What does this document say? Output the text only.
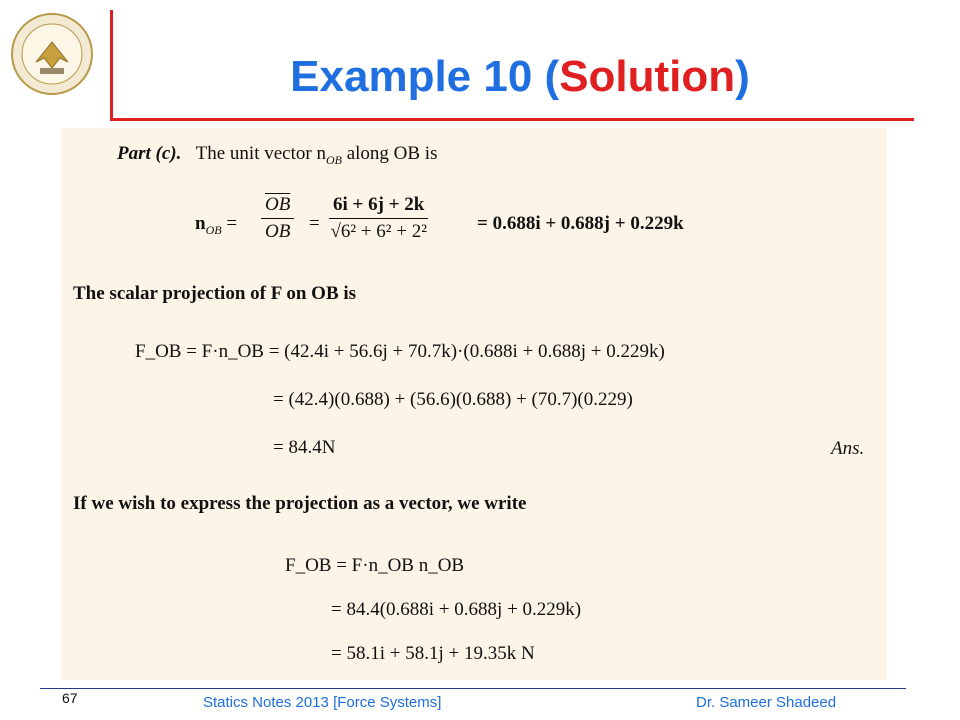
Example 10 (Solution)
Part (c). The unit vector $n_{OB}$ along OB is
$n_{OB} = \frac{\overline{OB}}{OB} = \frac{6i + 6j + 2k}{\text{√6² + 6² + 2²}}$	= 0.688i + 0.688j + 0.229k
The scalar projection of F on OB is
F_OB = F·n_OB = (42.4i + 56.6j + 70.7k)·(0.688i + 0.688j + 0.229k)
= (42.4)(0.688) + (56.6)(0.688) + (70.7)(0.229)
= 84.4N	Ans.
If we wish to express the projection as a vector, we write
F_OB = F·n_OB n_OB
= 84.4(0.688i + 0.688j + 0.229k)
= 58.1i + 58.1j + 19.35k N
67	Statics Notes 2013 [Force Systems]	Dr. Sameer Shadeed
